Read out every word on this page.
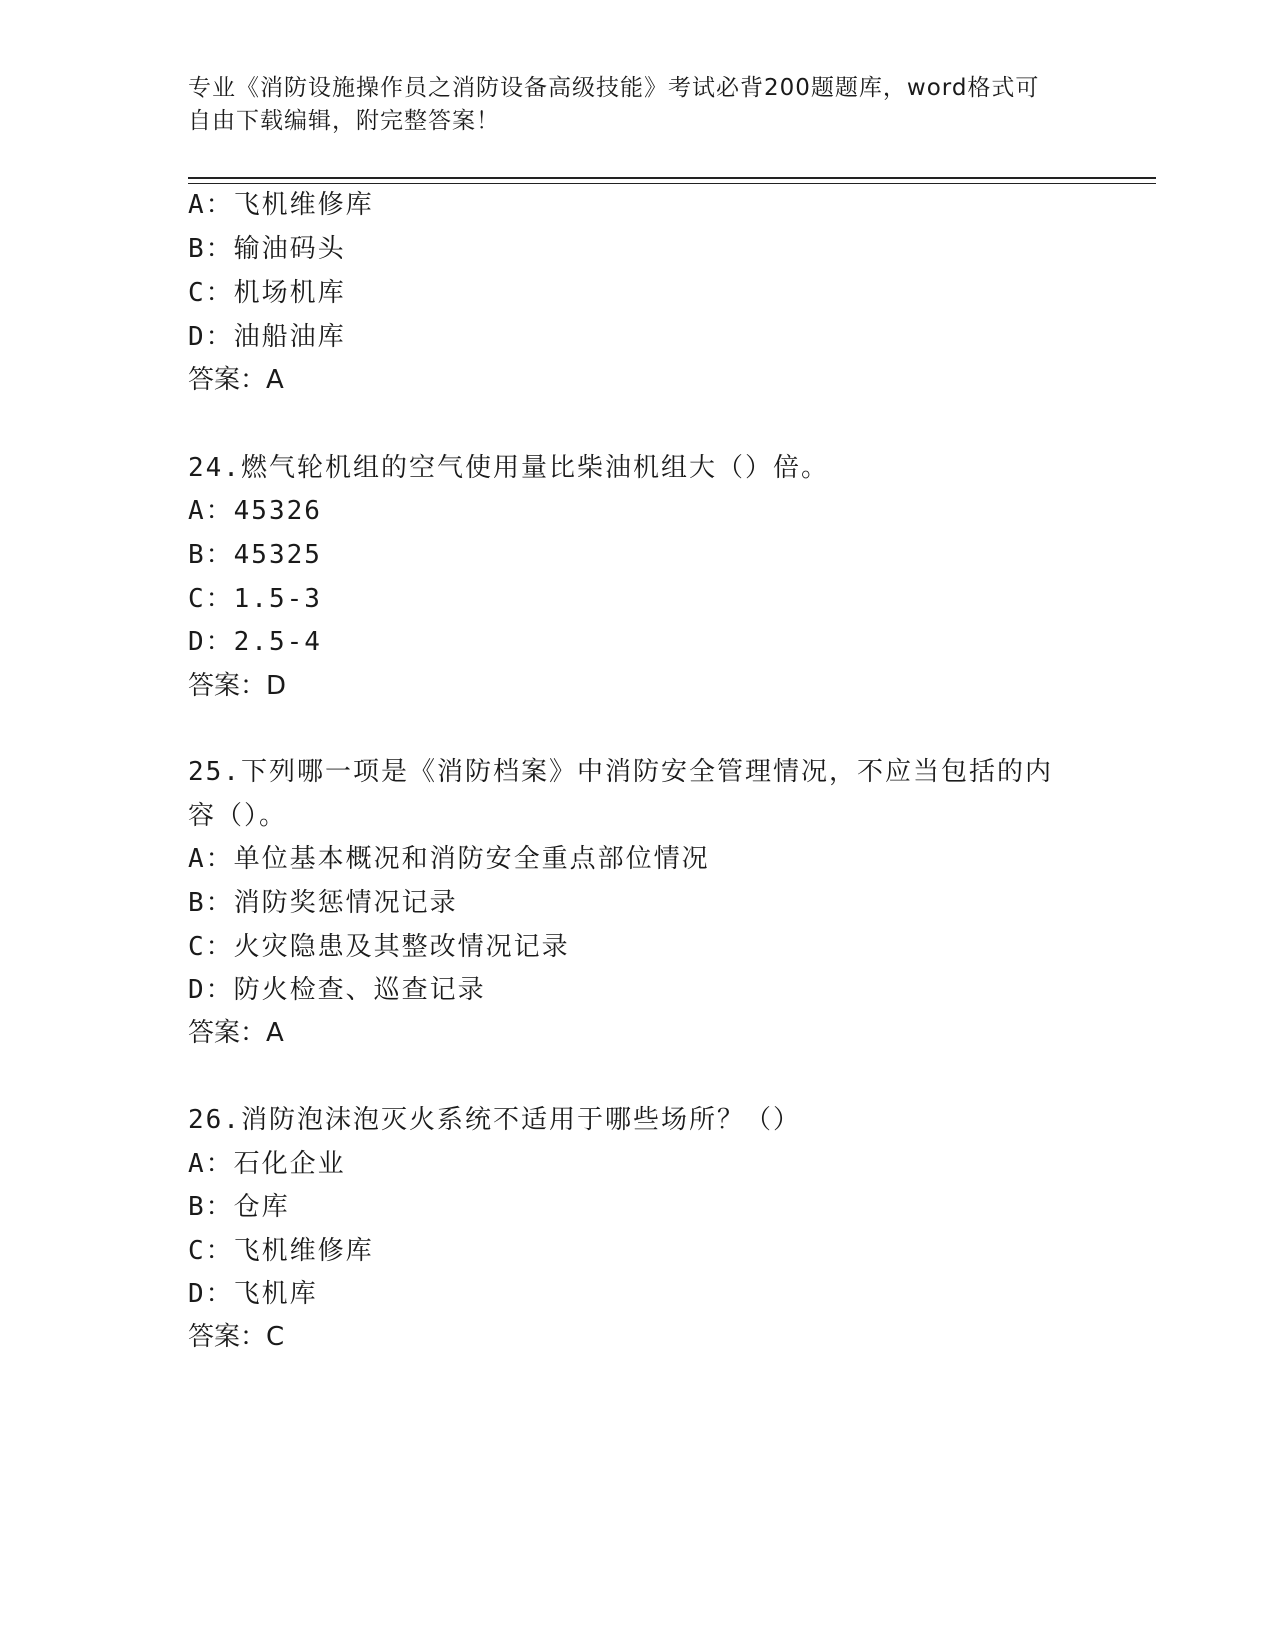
专业《消防设施操作员之消防设备高级技能》考试必背200题题库，word格式可
自由下载编辑，附完整答案！
A：飞机维修库
B：输油码头
C：机场机库
D：油船油库
答案：A
24.燃气轮机组的空气使用量比柴油机组大（）倍。
A：45326
B：45325
C：1.5-3
D：2.5-4
答案：D
25.下列哪一项是《消防档案》中消防安全管理情况，不应当包括的内
容（）。
A：单位基本概况和消防安全重点部位情况
B：消防奖惩情况记录
C：火灾隐患及其整改情况记录
D：防火检查、巡查记录
答案：A
26.消防泡沫泡灭火系统不适用于哪些场所？（）
A：石化企业
B：仓库
C：飞机维修库
D：飞机库
答案：C
